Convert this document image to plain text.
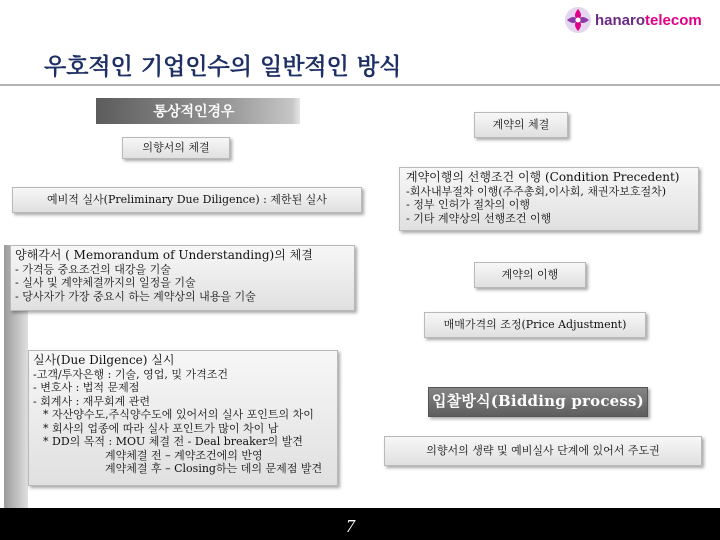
hanarotelecom
우호적인 기업인수의 일반적인 방식
통상적인경우
계약의 체결
의향서의 체결
계약이행의 선행조건 이행 (Condition Precedent)
-회사내부절차 이행(주주총회,이사회, 채권자보호절차)
- 정부 인허가 절차의 이행
- 기타 계약상의 선행조건 이행
예비적 실사(Preliminary Due Diligence) : 제한된 실사
양해각서 ( Memorandum of Understanding)의 체결
- 가격등 중요조건의 대강을 기술
- 실사 및 계약체결까지의 일정을 기술
- 당사자가 가장 중요시 하는 계약상의 내용을 기술
계약의 이행
매매가격의 조정(Price Adjustment)
실사(Due Dilgence) 실시
-고객/투자은행 : 기술, 영업, 및 가격조건
- 변호사 : 법적 문제점
- 회계사 : 재무회계 관련
* 자산양수도,주식양수도에 있어서의 실사 포인트의 차이
* 회사의 업종에 따라 실사 포인트가 많이 차이 남
* DD의 목적 : MOU 체결 전 - Deal breaker의 발견
계약체결 전 – 계약조건에의 반영
계약체결 후 – Closing하는 데의 문제점 발견
입찰방식(Bidding process)
의향서의 생략 및 예비실사 단계에 있어서 주도권
7
